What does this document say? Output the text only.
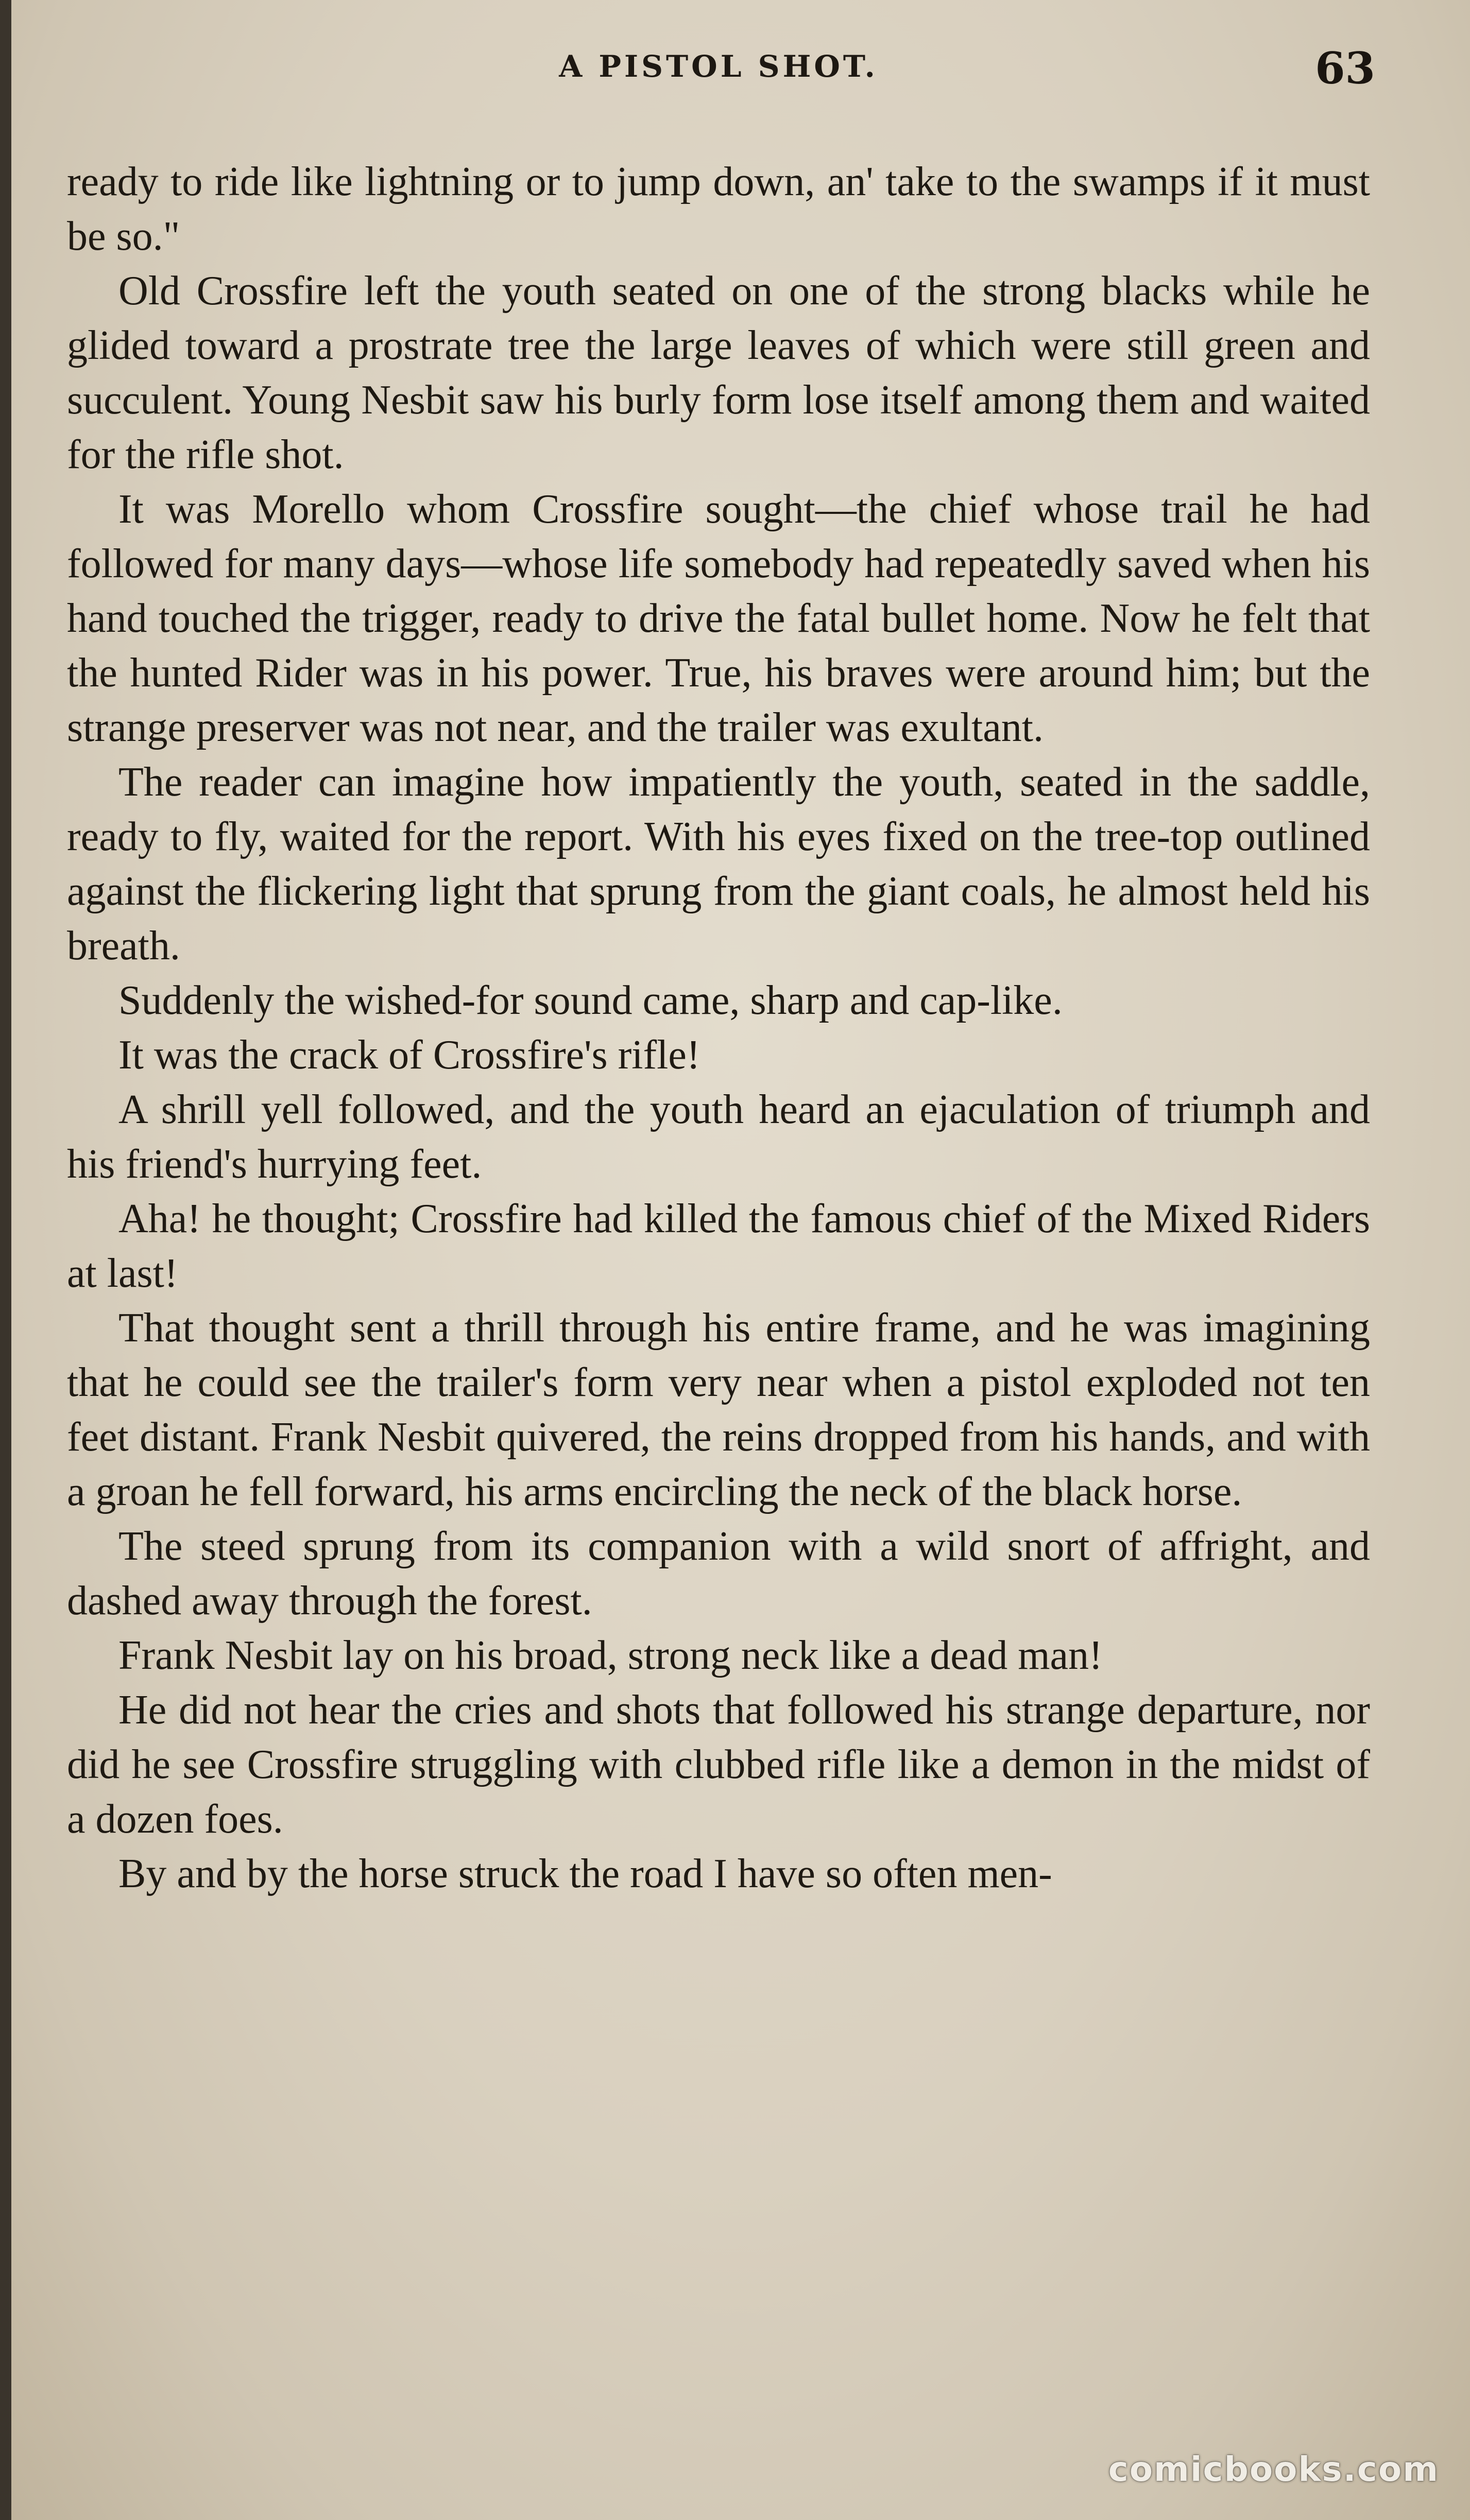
A PISTOL SHOT.	63

ready to ride like lightning or to jump down, an' take to the swamps if it must be so."

Old Crossfire left the youth seated on one of the strong blacks while he glided toward a prostrate tree the large leaves of which were still green and succulent. Young Nesbit saw his burly form lose itself among them and waited for the rifle shot.

It was Morello whom Crossfire sought—the chief whose trail he had followed for many days—whose life somebody had repeatedly saved when his hand touched the trigger, ready to drive the fatal bullet home. Now he felt that the hunted Rider was in his power. True, his braves were around him; but the strange preserver was not near, and the trailer was exultant.

The reader can imagine how impatiently the youth, seated in the saddle, ready to fly, waited for the report. With his eyes fixed on the tree-top outlined against the flickering light that sprung from the giant coals, he almost held his breath.

Suddenly the wished-for sound came, sharp and cap-like.

It was the crack of Crossfire's rifle!

A shrill yell followed, and the youth heard an ejaculation of triumph and his friend's hurrying feet.

Aha! he thought; Crossfire had killed the famous chief of the Mixed Riders at last!

That thought sent a thrill through his entire frame, and he was imagining that he could see the trailer's form very near when a pistol exploded not ten feet distant. Frank Nesbit quivered, the reins dropped from his hands, and with a groan he fell forward, his arms encircling the neck of the black horse.

The steed sprung from its companion with a wild snort of affright, and dashed away through the forest.

Frank Nesbit lay on his broad, strong neck like a dead man!

He did not hear the cries and shots that followed his strange departure, nor did he see Crossfire struggling with clubbed rifle like a demon in the midst of a dozen foes.

By and by the horse struck the road I have so often men-

comicbooks.com
